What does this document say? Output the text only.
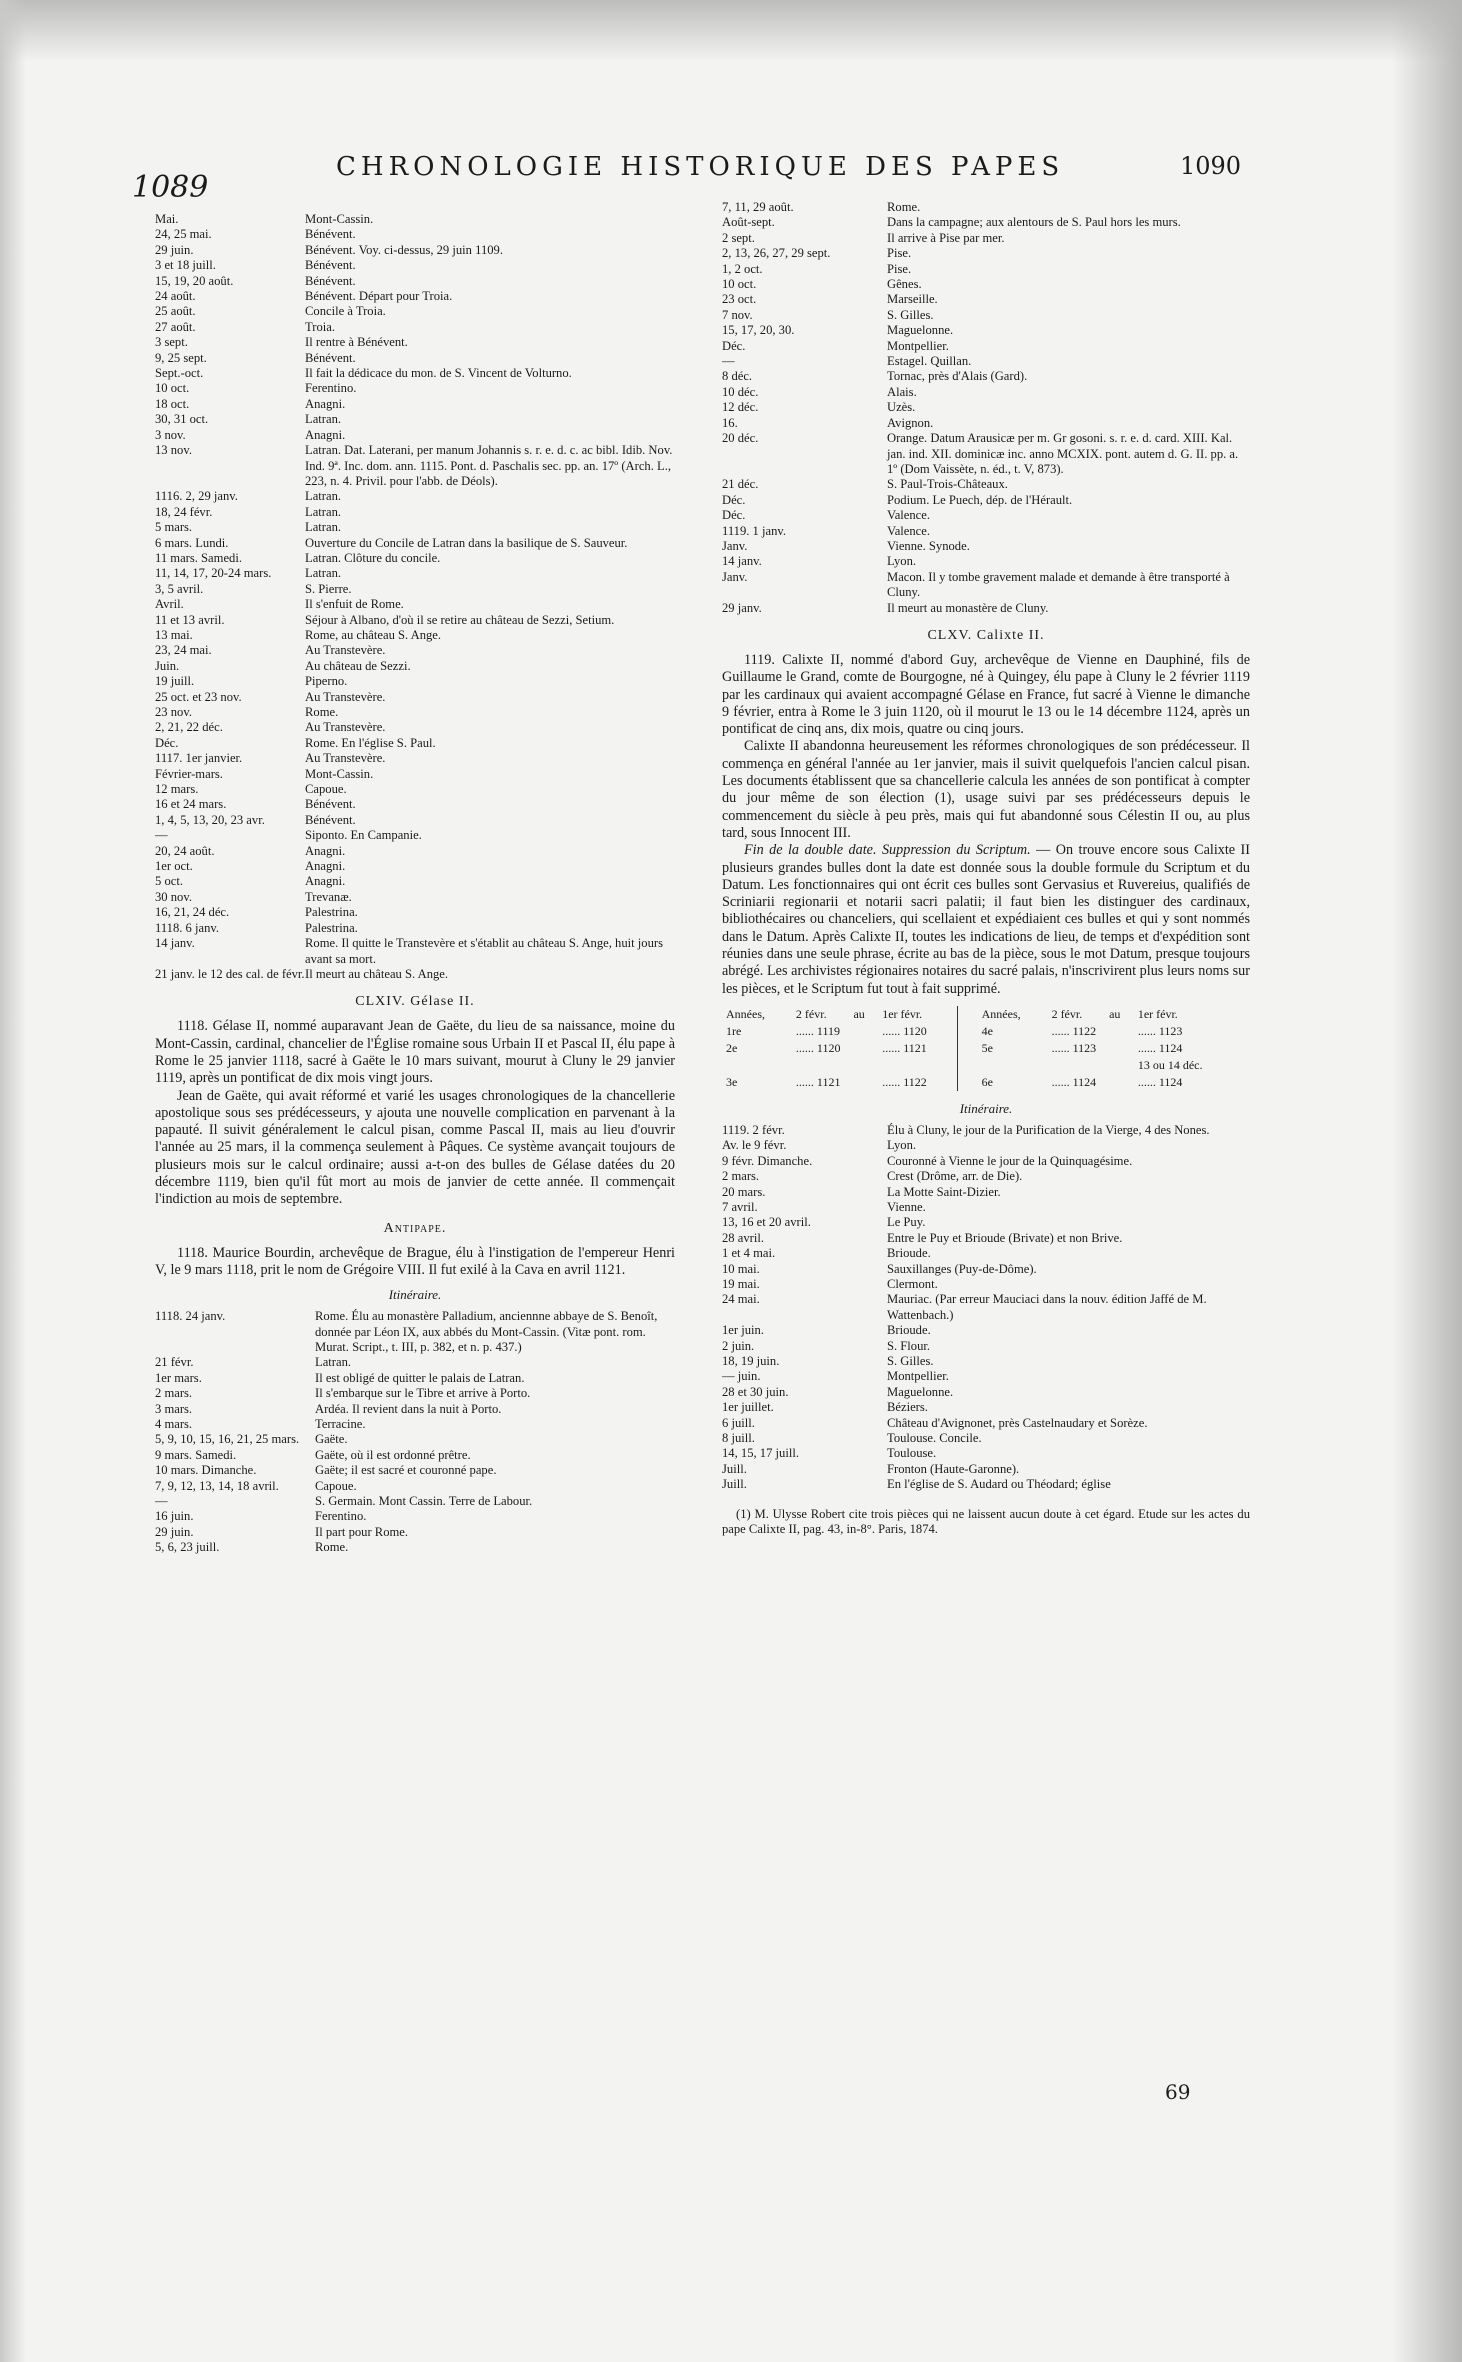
1089
CHRONOLOGIE HISTORIQUE DES PAPES	1090
Mai.	Mont-Cassin.
24, 25 mai.	Bénévent.
29 juin.	Bénévent. Voy. ci-dessus, 29 juin 1109.
3 et 18 juill.	Bénévent.
15, 19, 20 août.	Bénévent.
24 août.	Bénévent. Départ pour Troia.
25 août.	Concile à Troia.
27 août.	Troia.
3 sept.	Il rentre à Bénévent.
9, 25 sept.	Bénévent.
Sept.-oct.	Il fait la dédicace du mon. de S. Vincent de Volturno.
10 oct.	Ferentino.
18 oct.	Anagni.
30, 31 oct.	Latran.
3 nov.	Anagni.
13 nov.	Latran. Dat. Laterani, per manum Johannis s. r. e. d. c. ac bibl. Idib. Nov. Ind. 9ª. Inc. dom. ann. 1115. Pont. d. Paschalis sec. pp. an. 17º (Arch. L., 223, n. 4. Privil. pour l'abb. de Déols).
1116. 2, 29 janv.	Latran.
18, 24 févr.	Latran.
5 mars.	Latran.
6 mars. Lundi.	Ouverture du Concile de Latran dans la basilique de S. Sauveur.
11 mars. Samedi.	Latran. Clôture du concile.
11, 14, 17, 20-24 mars.	Latran.
3, 5 avril.	S. Pierre.
Avril.	Il s'enfuit de Rome.
11 et 13 avril.	Séjour à Albano, d'où il se retire au château de Sezzi, Setium.
13 mai.	Rome, au château S. Ange.
23, 24 mai.	Au Transtevère.
Juin.	Au château de Sezzi.
19 juill.	Piperno.
25 oct. et 23 nov.	Au Transtevère.
23 nov.	Rome.
2, 21, 22 déc.	Au Transtevère.
Déc.	Rome. En l'église S. Paul.
1117. 1er janvier.	Au Transtevère.
Février-mars.	Mont-Cassin.
12 mars.	Capoue.
16 et 24 mars.	Bénévent.
1, 4, 5, 13, 20, 23 avr.	Bénévent.
—	Siponto. En Campanie.
20, 24 août.	Anagni.
1er oct.	Anagni.
5 oct.	Anagni.
30 nov.	Trevanæ.
16, 21, 24 déc.	Palestrina.
1118. 6 janv.	Palestrina.
14 janv.	Rome. Il quitte le Transtevère et s'établit au château S. Ange, huit jours avant sa mort.
21 janv. le 12 des cal. de févr. Il meurt au château S. Ange.
CLXIV. Gélase II.

1118. Gélase II, nommé auparavant Jean de Gaëte, du lieu de sa naissance, moine du Mont-Cassin, cardinal, chancelier de l'Église romaine sous Urbain II et Pascal II, élu pape à Rome le 25 janvier 1118, sacré à Gaëte le 10 mars suivant, mourut à Cluny le 29 janvier 1119, après un pontificat de dix mois vingt jours.

Jean de Gaëte, qui avait réformé et varié les usages chronologiques de la chancellerie apostolique sous ses prédécesseurs, y ajouta une nouvelle complication en parvenant à la papauté. Il suivit généralement le calcul pisan, comme Pascal II, mais au lieu d'ouvrir l'année au 25 mars, il la commença seulement à Pâques. Ce système avançait toujours de plusieurs mois sur le calcul ordinaire; aussi a-t-on des bulles de Gélase datées du 20 décembre 1119, bien qu'il fût mort au mois de janvier de cette année. Il commençait l'indiction au mois de septembre.

Antipape.

1118. Maurice Bourdin, archevêque de Brague, élu à l'instigation de l'empereur Henri V, le 9 mars 1118, prit le nom de Grégoire VIII. Il fut exilé à la Cava en avril 1121.

Itinéraire.
1118. 24 janv.	Rome. Élu au monastère Palladium, anciennne abbaye de S. Benoît, donnée par Léon IX, aux abbés du Mont-Cassin. (Vitæ pont. rom. Murat. Script., t. III, p. 382, et n. p. 437.)
21 févr.	Latran.
1er mars.	Il est obligé de quitter le palais de Latran.
2 mars.	Il s'embarque sur le Tibre et arrive à Porto.
3 mars.	Ardéa. Il revient dans la nuit à Porto.
4 mars.	Terracine.
5, 9, 10, 15, 16, 21, 25 mars.	Gaëte.
9 mars. Samedi.	Gaëte, où il est ordonné prêtre.
10 mars. Dimanche.	Gaëte; il est sacré et couronné pape.
7, 9, 12, 13, 14, 18 avril.	Capoue.
—	S. Germain. Mont Cassin. Terre de Labour.
16 juin.	Ferentino.
29 juin.	Il part pour Rome.
5, 6, 23 juill.	Rome.
7, 11, 29 août.	Rome.
Août-sept.	Dans la campagne; aux alentours de S. Paul hors les murs.
2 sept.	Il arrive à Pise par mer.
2, 13, 26, 27, 29 sept.	Pise.
1, 2 oct.	Pise.
10 oct.	Gênes.
23 oct.	Marseille.
7 nov.	S. Gilles.
15, 17, 20, 30.	Maguelonne.
Déc.	Montpellier.
—	Estagel. Quillan.
8 déc.	Tornac, près d'Alais (Gard).
10 déc.	Alais.
12 déc.	Uzès.
16.	Avignon.
20 déc.	Orange. Datum Arausicæ per m. Gr gosoni. s. r. e. d. card. XIII. Kal. jan. ind. XII. dominicæ inc. anno MCXIX. pont. autem d. G. II. pp. a. 1º (Dom Vaissète, n. éd., t. V, 873).
21 déc.	S. Paul-Trois-Châteaux.
Déc.	Podium. Le Puech, dép. de l'Hérault.
Déc.	Valence.
1119. 1 janv.	Valence.
Janv.	Vienne. Synode.
14 janv.	Lyon.
Janv.	Macon. Il y tombe gravement malade et demande à être transporté à Cluny.
29 janv.	Il meurt au monastère de Cluny.
CLXV. Calixte II.

1119. Calixte II, nommé d'abord Guy, archevêque de Vienne en Dauphiné, fils de Guillaume le Grand, comte de Bourgogne, né à Quingey, élu pape à Cluny le 2 février 1119 par les cardinaux qui avaient accompagné Gélase en France, fut sacré à Vienne le dimanche 9 février, entra à Rome le 3 juin 1120, où il mourut le 13 ou le 14 décembre 1124, après un pontificat de cinq ans, dix mois, quatre ou cinq jours.

Calixte II abandonna heureusement les réformes chronologiques de son prédécesseur. Il commença en général l'année au 1er janvier, mais il suivit quelquefois l'ancien calcul pisan. Les documents établissent que sa chancellerie calcula les années de son pontificat à compter du jour même de son élection (1), usage suivi par ses prédécesseurs depuis le commencement du siècle à peu près, mais qui fut abandonné sous Célestin II ou, au plus tard, sous Innocent III.

Fin de la double date. Suppression du Scriptum. — On trouve encore sous Calixte II plusieurs grandes bulles dont la date est donnée sous la double formule du Scriptum et du Datum. Les fonctionnaires qui ont écrit ces bulles sont Gervasius et Ruvereius, qualifiés de Scriniarii regionarii et notarii sacri palatii; il faut bien les distinguer des cardinaux, bibliothécaires ou chanceliers, qui scellaient et expédiaient ces bulles et qui y sont nommés dans le Datum. Après Calixte II, toutes les indications de lieu, de temps et d'expédition sont réunies dans une seule phrase, écrite au bas de la pièce, sous le mot Datum, presque toujours abrégé. Les archivistes régionaires notaires du sacré palais, n'inscrivirent plus leurs noms sur les pièces, et le Scriptum fut tout à fait supprimé.

Années,	2 févr.	au	1er févr.		Années,	2 févr.	au	1er févr.
1re	...... 1119		...... 1120		4e	...... 1122		...... 1123
2e	...... 1120		...... 1121		5e	...... 1123		...... 1124
								13 ou 14 déc.
3e	...... 1121		...... 1122		6e	...... 1124		...... 1124
Itinéraire.
1119. 2 févr.	Élu à Cluny, le jour de la Purification de la Vierge, 4 des Nones.
Av. le 9 févr.	Lyon.
9 févr. Dimanche.	Couronné à Vienne le jour de la Quinquagésime.
2 mars.	Crest (Drôme, arr. de Die).
20 mars.	La Motte Saint-Dizier.
7 avril.	Vienne.
13, 16 et 20 avril.	Le Puy.
28 avril.	Entre le Puy et Brioude (Brivate) et non Brive.
1 et 4 mai.	Brioude.
10 mai.	Sauxillanges (Puy-de-Dôme).
19 mai.	Clermont.
24 mai.	Mauriac. (Par erreur Mauciaci dans la nouv. édition Jaffé de M. Wattenbach.)
1er juin.	Brioude.
2 juin.	S. Flour.
18, 19 juin.	S. Gilles.
— juin.	Montpellier.
28 et 30 juin.	Maguelonne.
1er juillet.	Béziers.
6 juill.	Château d'Avignonet, près Castelnaudary et Sorèze.
8 juill.	Toulouse. Concile.
14, 15, 17 juill.	Toulouse.
Juill.	Fronton (Haute-Garonne).
Juill.	En l'église de S. Audard ou Théodard; église
(1) M. Ulysse Robert cite trois pièces qui ne laissent aucun doute à cet égard. Etude sur les actes du pape Calixte II, pag. 43, in-8°. Paris, 1874.
69
